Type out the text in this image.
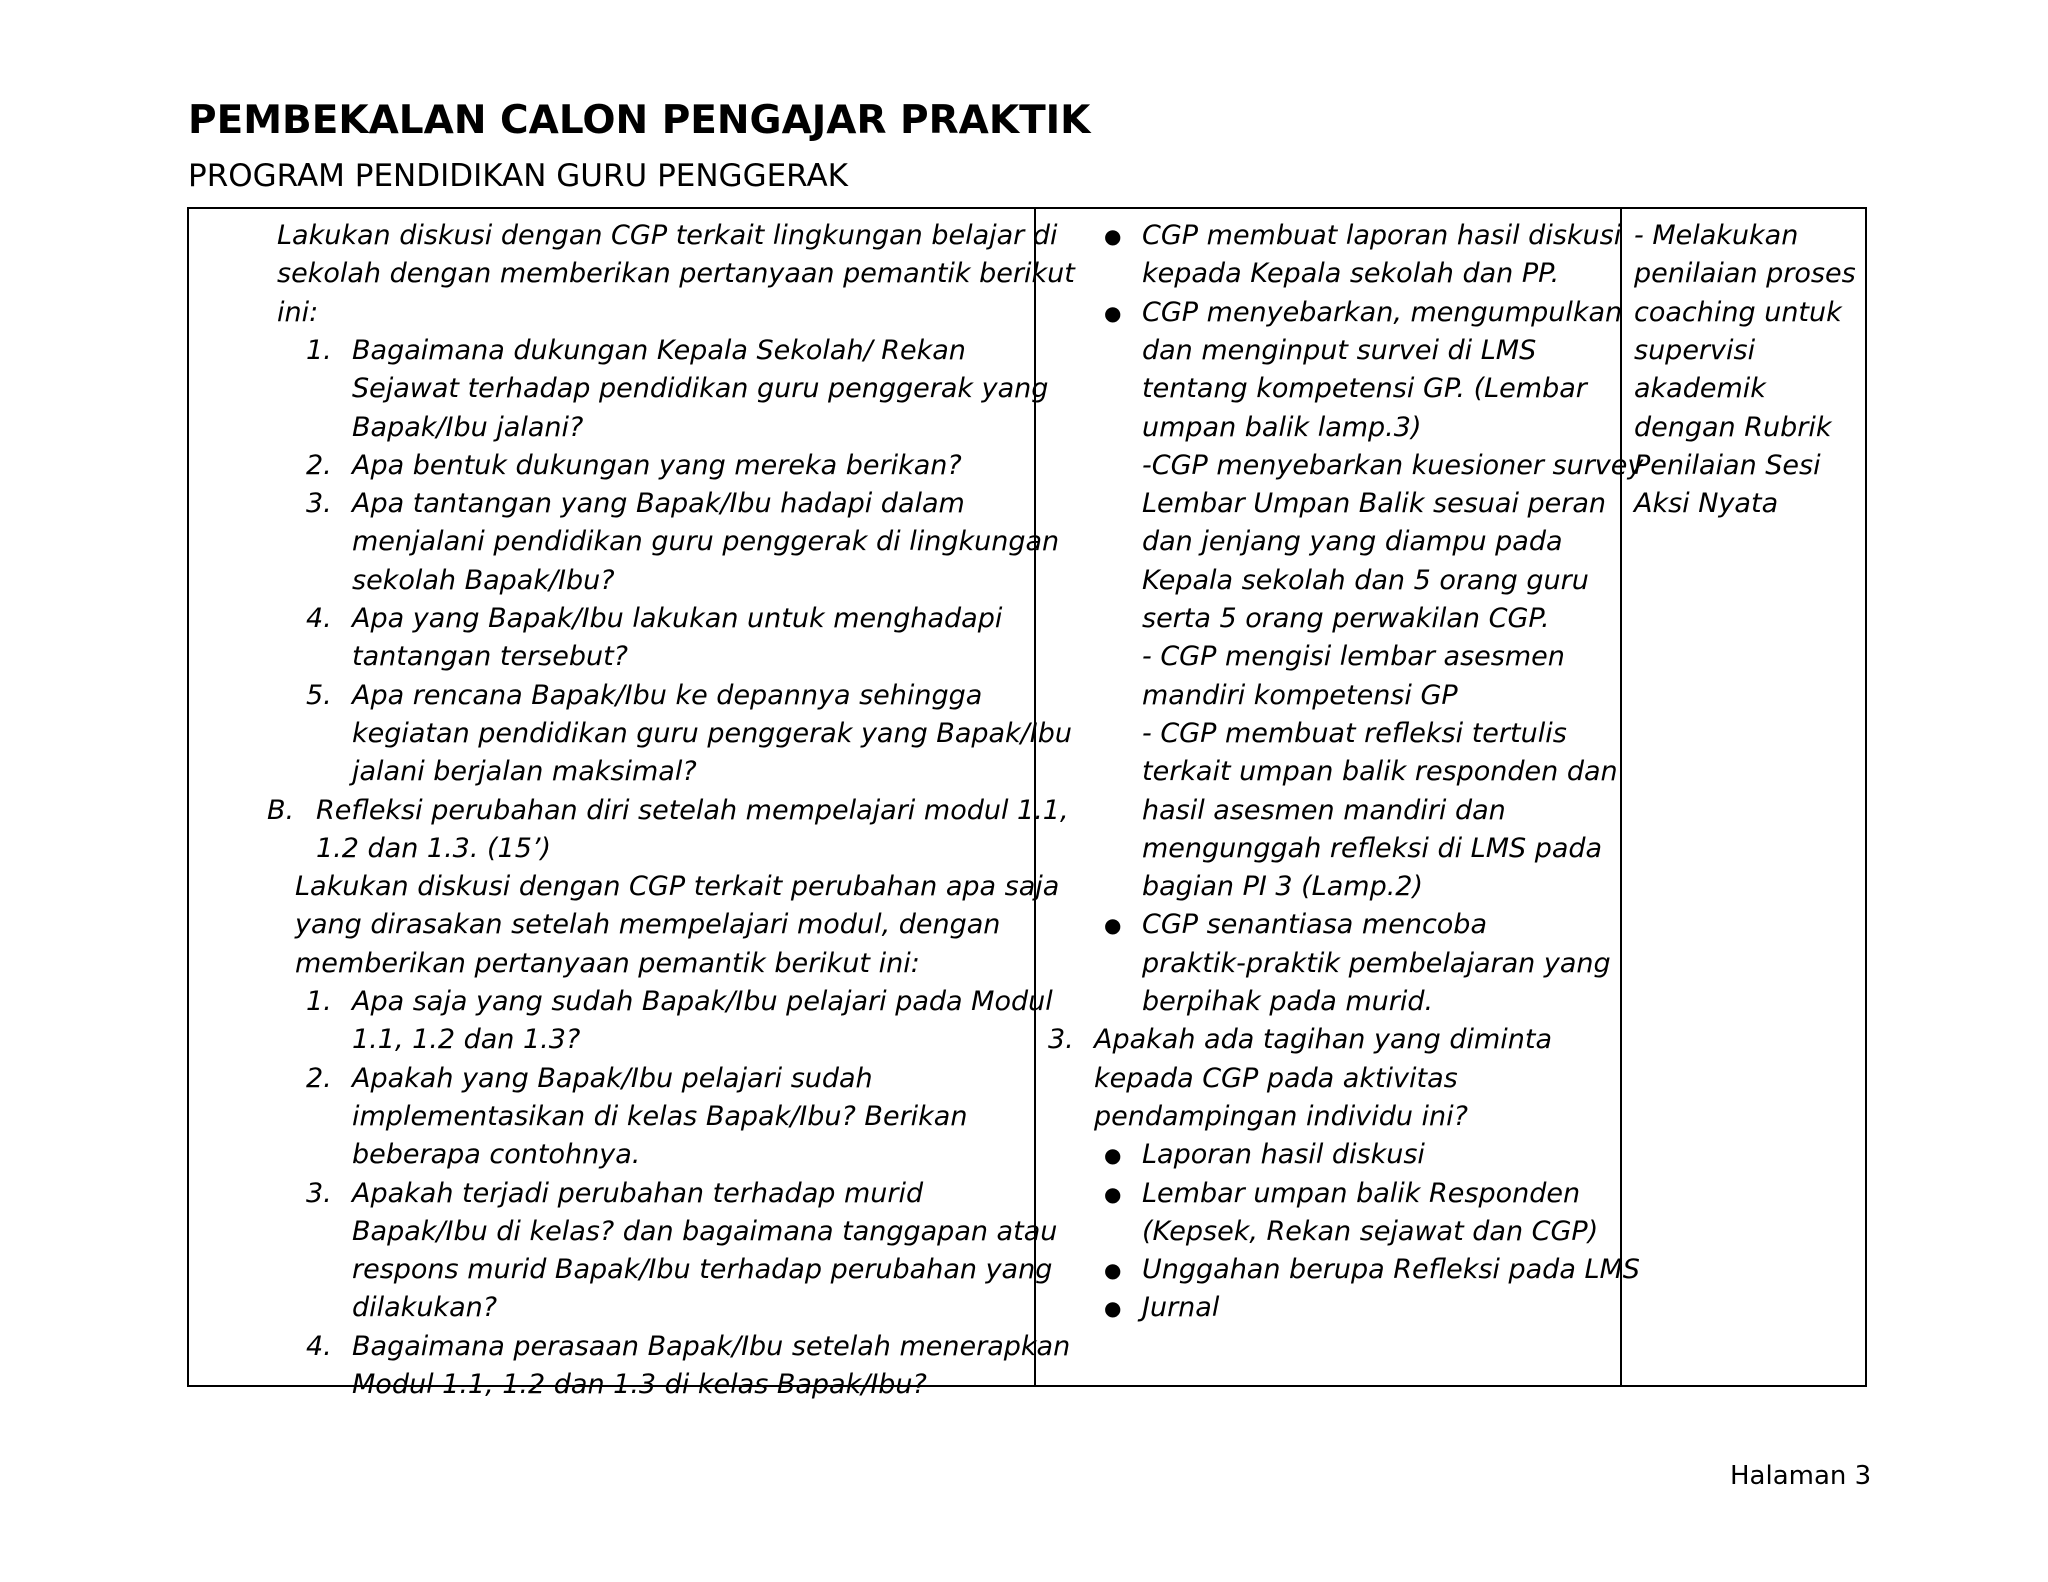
PEMBEKALAN CALON PENGAJAR PRAKTIK
PROGRAM PENDIDIKAN GURU PENGGERAK
Lakukan diskusi dengan CGP terkait lingkungan belajar di
sekolah dengan memberikan pertanyaan pemantik berikut
ini:
1. Bagaimana dukungan Kepala Sekolah/ Rekan
Sejawat terhadap pendidikan guru penggerak yang
Bapak/Ibu jalani?
2. Apa bentuk dukungan yang mereka berikan?
3. Apa tantangan yang Bapak/Ibu hadapi dalam
menjalani pendidikan guru penggerak di lingkungan
sekolah Bapak/Ibu?
4. Apa yang Bapak/Ibu lakukan untuk menghadapi
tantangan tersebut?
5. Apa rencana Bapak/Ibu ke depannya sehingga
kegiatan pendidikan guru penggerak yang Bapak/Ibu
jalani berjalan maksimal?
B. Refleksi perubahan diri setelah mempelajari modul 1.1,
1.2 dan 1.3. (15’)
Lakukan diskusi dengan CGP terkait perubahan apa saja
yang dirasakan setelah mempelajari modul, dengan
memberikan pertanyaan pemantik berikut ini:
1. Apa saja yang sudah Bapak/Ibu pelajari pada Modul
1.1, 1.2 dan 1.3?
2. Apakah yang Bapak/Ibu pelajari sudah
implementasikan di kelas Bapak/Ibu? Berikan
beberapa contohnya.
3. Apakah terjadi perubahan terhadap murid
Bapak/Ibu di kelas? dan bagaimana tanggapan atau
respons murid Bapak/Ibu terhadap perubahan yang
dilakukan?
4. Bagaimana perasaan Bapak/Ibu setelah menerapkan
Modul 1.1, 1.2 dan 1.3 di kelas Bapak/Ibu?
● CGP membuat laporan hasil diskusi
kepada Kepala sekolah dan PP.
● CGP menyebarkan, mengumpulkan
dan menginput survei di LMS
tentang kompetensi GP. (Lembar
umpan balik lamp.3)
-CGP menyebarkan kuesioner survey
Lembar Umpan Balik sesuai peran
dan jenjang yang diampu pada
Kepala sekolah dan 5 orang guru
serta 5 orang perwakilan CGP.
- CGP mengisi lembar asesmen
mandiri kompetensi GP
- CGP membuat refleksi tertulis
terkait umpan balik responden dan
hasil asesmen mandiri dan
mengunggah refleksi di LMS pada
bagian PI 3 (Lamp.2)
● CGP senantiasa mencoba
praktik-praktik pembelajaran yang
berpihak pada murid.
3. Apakah ada tagihan yang diminta
kepada CGP pada aktivitas
pendampingan individu ini?
● Laporan hasil diskusi
● Lembar umpan balik Responden
(Kepsek, Rekan sejawat dan CGP)
● Unggahan berupa Refleksi pada LMS
● Jurnal
- Melakukan
penilaian proses
coaching untuk
supervisi
akademik
dengan Rubrik
Penilaian Sesi
Aksi Nyata
Halaman 3
